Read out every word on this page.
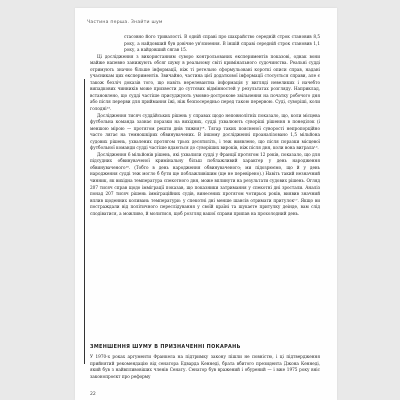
Частина перша. Знайти шум

стасовно його тривалості. В одній справі про шахрайство середній строк становив 8,5 року, а найдовший був довічне ув'язнення. В іншій справі середній строк становив 1,1 року, а найдовший сягав 15.

Ці дослідження з використанням суворо контрольованих експериментів показові, однак вони майже напевно занижують обсяг шуму в реальному світі кримінального судочинства. Реальні судді отримують значно більше інформації, ніж ті ретельно сформульовані короткі описи справ, надані учасникам цих експериментів. Звичайно, частина цієї додаткової інформації стосується справи, але є також безліч доказів того, що навіть нерелевантна інформація у вигляді невеликих і начебто випадкових чинників може призвести до суттєвих відмінностей у результатах розгляду. Наприклад, встановлено, що судді частіше присуджують умовно-дострокове звільнення на початку робочого дня або після перерви для приймання їжі, ніж безпосередньо перед такою перервою. Суді, суворіші, коли голодні¹³.

Дослідження тисяч судда́йських рішень у справах щодо неповнолітніх показало, що, коли місцева футбольна команда зазнає поразки на вихідних, судді ухвалюють суворіші рішення в понеділок (і меншою мірою — протягом решти днів тижня)¹⁴. Тягар таких поясненої суворості непропорційно часто лягає на темношкірих обвинувачених. В іншому дослідженні проаналізовано 1,5 мільйона судових рішень, ухвалених протягом трьох десятиліть, і теж виявлено, що після поразки місцевої футбольної команди судді частіше вдаються до суворіших вироків, ніж після дня, коли вона виграла¹⁵.

Дослідження 6 мільйонів рішень, які ухвалили судді у Франції протягом 12 років, показало, що для підсудних обвинуваченої кримінальну більш поблажливий характер у день народження обвинуваченого¹⁶. (Тобто в день народження обвинуваченого; ми підозрюємо, що й у день народження судді теж могло б бути ще поблажливішим (ще не перевірено).) Навіть такий незначний чинник, як вихідна температура спекотного дня, може вплинути на результати судових рішень. Огляд 207 тисяч справ щодо імміграції показав, що показники затримання у спекотні дні зростали. Аналіз понад 207 тисяч рішень імміграційних судів, винесених протягом чотирьох років, виявив значний вплив щоденних коливань температури: у спекотні дні менше шансів отримати притулок¹⁷. Якщо ви постраждали від політичного переслідування у своїй країні та шукаєте притулку деінде, вам слід сподіватися, а можливо, й молитися, щоб розгляд вашої справи припав на прохолодний день.

ЗМЕНШЕННЯ ШУМУ В ПРИЗНАЧЕННІ ПОКАРАНЬ

У 1970-х роках аргументи Франкела на підтримку закону пішли не повністю, і ці підтвердження прийнятий рекомендацію від сенатора Едварда Кеннеді, брата вбитого президента Джона Кеннеді, який був з найвпливовіших членів Сенату. Сенатор був вражений і обурений — і вже 1975 року вніс законопроєкт про реформу

22
